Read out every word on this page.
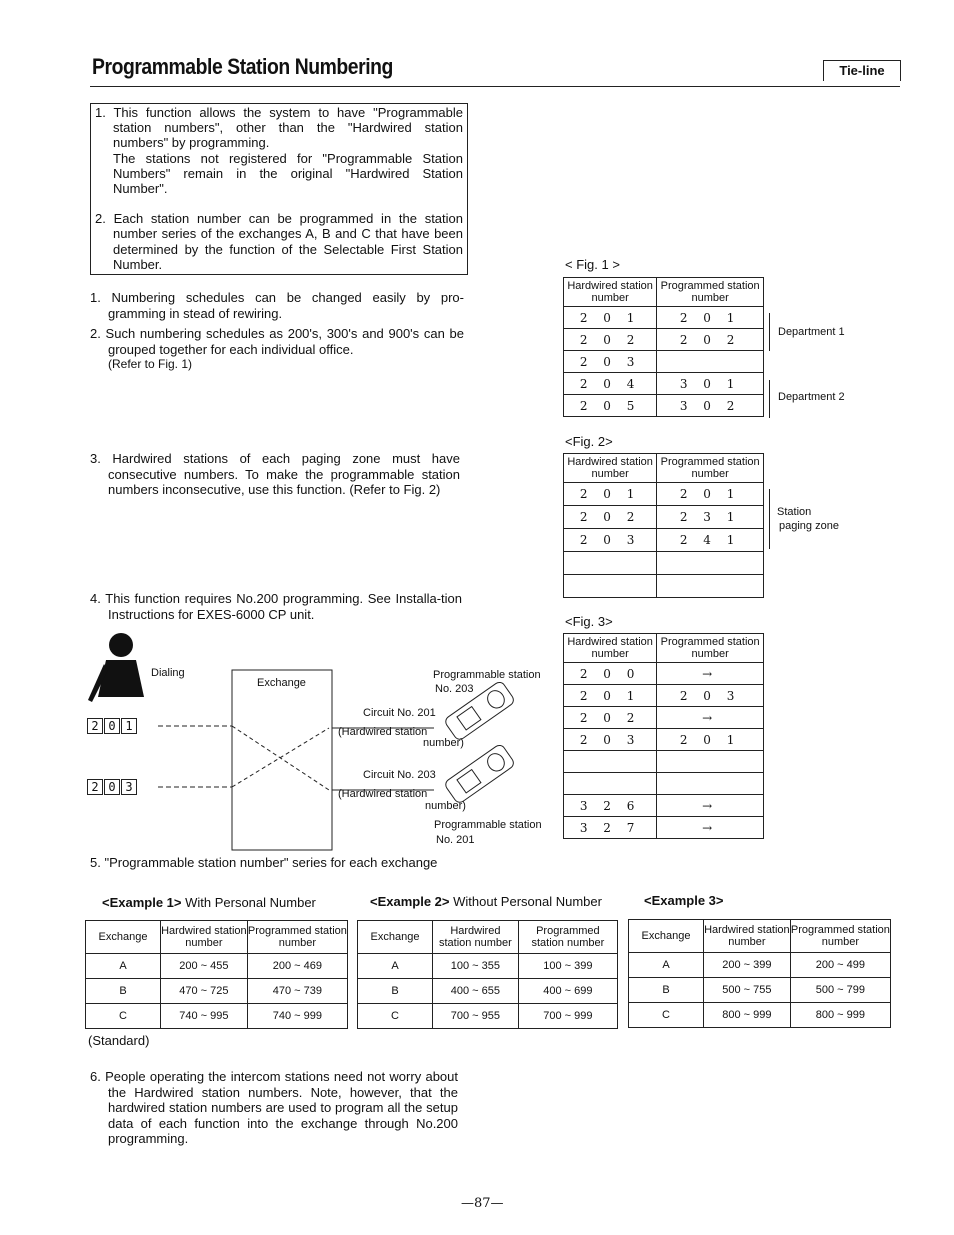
Programmable Station Numbering	Tie-line

1. This function allows the system to have "Programmable station numbers", other than the "Hardwired station numbers" by programming.

The stations not registered for "Programmable Station Numbers" remain in the original "Hardwired Station Number".

2. Each station number can be programmed in the station number series of the exchanges A, B and C that have been determined by the function of the Selectable First Station Number.

1. Numbering schedules can be changed easily by pro-gramming in stead of rewiring.

2. Such numbering schedules as 200's, 300's and 900's can be grouped together for each individual office.

(Refer to Fig. 1)

3. Hardwired stations of each paging zone must have consecutive numbers. To make the programmable station numbers inconsecutive, use this function. (Refer to Fig. 2)

4. This function requires No.200 programming. See Installa-tion Instructions for EXES-6000 CP unit.

< Fig. 1 >
Hardwired station number	Programmed station number
2 0 1	2 0 1
2 0 2	2 0 2
2 0 3	
2 0 4	3 0 1
2 0 5	3 0 2
Department 1
Department 2
<Fig. 2>
Hardwired station number	Programmed station number
2 0 1	2 0 1
2 0 2	2 3 1
2 0 3	2 4 1

Station
paging zone
<Fig. 3>
Hardwired station number	Programmed station number
2 0 0	→
2 0 1	2 0 3
2 0 2	→
2 0 3	2 0 1

3 2 6	→
3 2 7	→
Dialing
Exchange
Programmable station
No. 203
Circuit No. 201
(Hardwired station
number)
Circuit No. 203
(Hardwired station
number)
Programmable station
No. 201
2 0 1
2 0 3

5. "Programmable station number" series for each exchange

<Example 1> With Personal Number	<Example 2> Without Personal Number	<Example 3>
Exchange	Hardwired station number	Programmed station number
A	200 ~ 455	200 ~ 469
B	470 ~ 725	470 ~ 739
C	740 ~ 995	740 ~ 999
Exchange	Hardwired station number	Programmed station number
A	100 ~ 355	100 ~ 399
B	400 ~ 655	400 ~ 699
C	700 ~ 955	700 ~ 999
Exchange	Hardwired station number	Programmed station number
A	200 ~ 399	200 ~ 499
B	500 ~ 755	500 ~ 799
C	800 ~ 999	800 ~ 999
(Standard)

6. People operating the intercom stations need not worry about the Hardwired station numbers. Note, however, that the hardwired station numbers are used to program all the setup data of each function into the exchange through No.200 programming.

—87—
